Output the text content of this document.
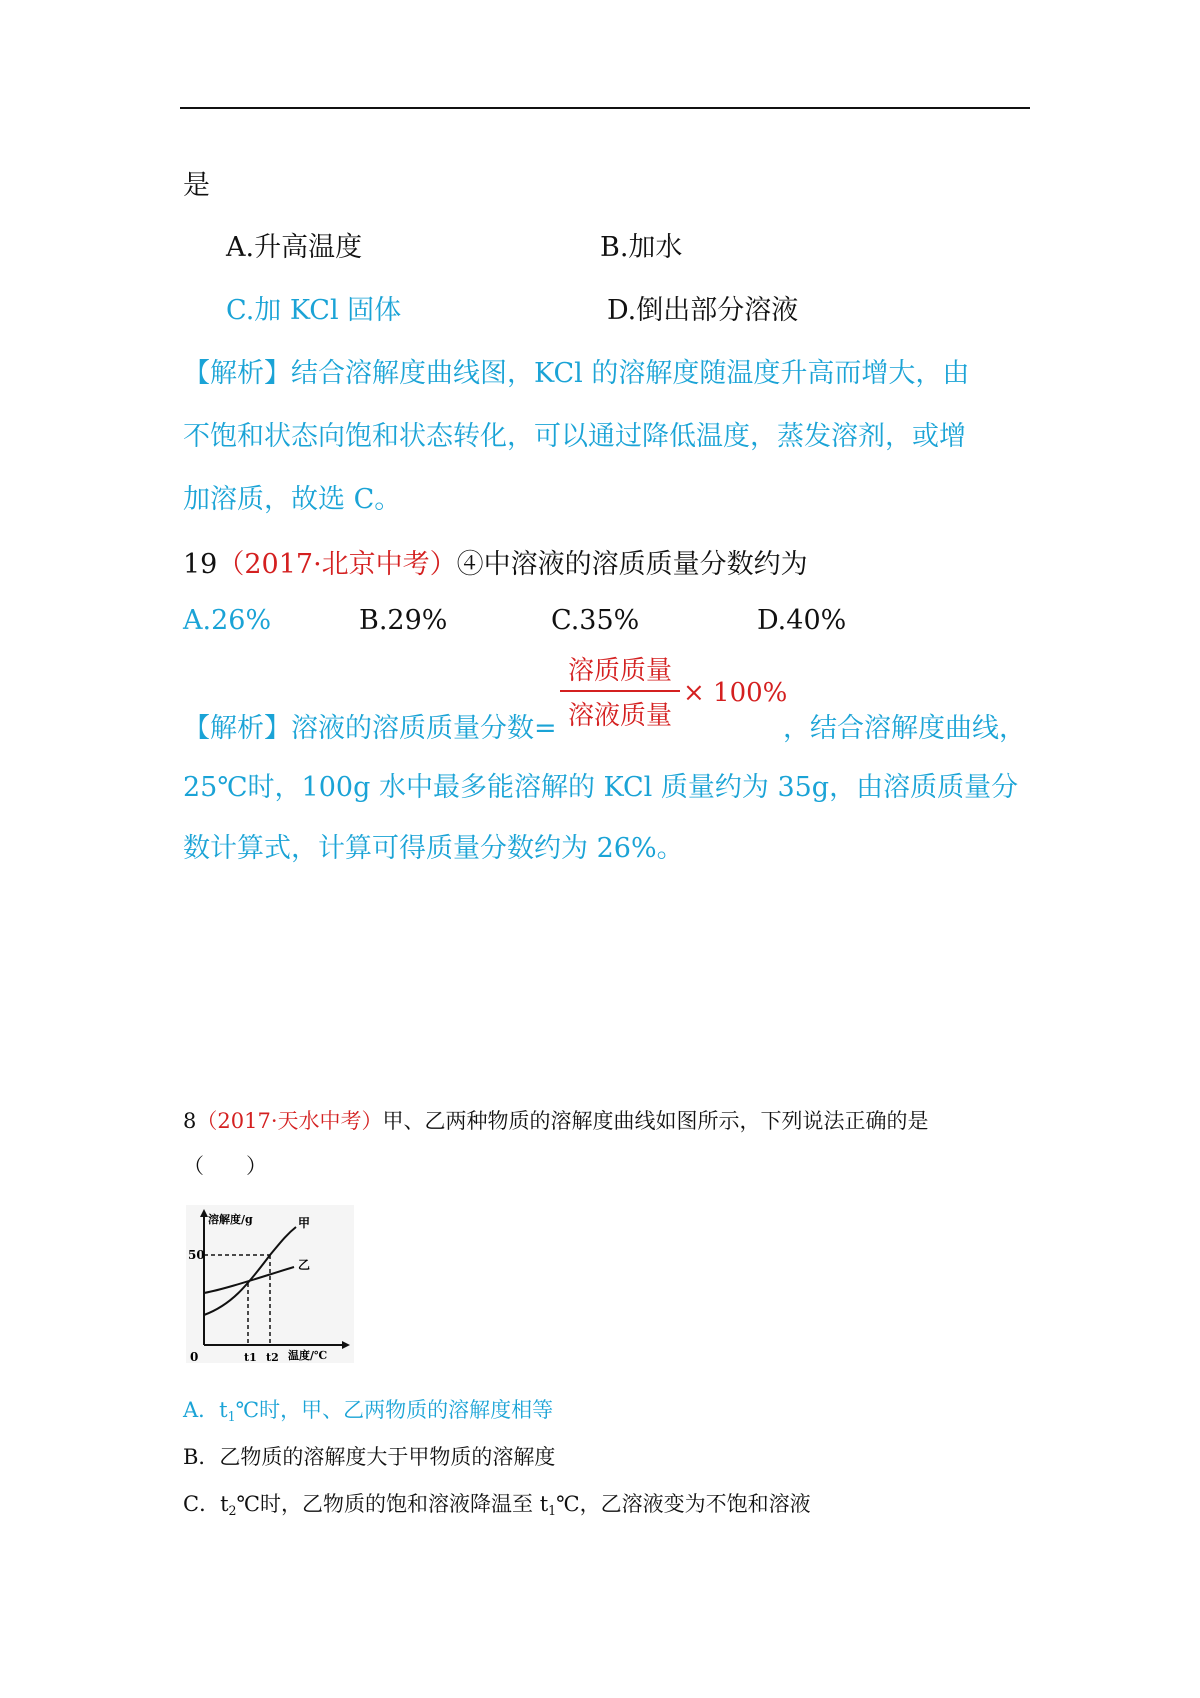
是
A.升高温度	B.加水
C.加 KCl 固体	D.倒出部分溶液
【解析】结合溶解度曲线图，KCl 的溶解度随温度升高而增大，由
不饱和状态向饱和状态转化，可以通过降低温度，蒸发溶剂，或增
加溶质，故选 C。
19（2017·北京中考）④中溶液的溶质质量分数约为
A.26%	B.29%	C.35%	D.40%
【解析】溶液的溶质质量分数=
溶质质量
溶液质量
× 100%
，结合溶解度曲线，
25℃时，100g 水中最多能溶解的 KCl 质量约为 35g，由溶质质量分
数计算式，计算可得质量分数约为 26%。
8（2017·天水中考）甲、乙两种物质的溶解度曲线如图所示，下列说法正确的是
（　　）
50
0	t1 t2 温度/℃
溶解度/g	甲
乙
A．$t_1℃$时，甲、乙两物质的溶解度相等
B．乙物质的溶解度大于甲物质的溶解度
C．$t_2℃$时，乙物质的饱和溶液降温至 $t_1℃$，乙溶液变为不饱和溶液
